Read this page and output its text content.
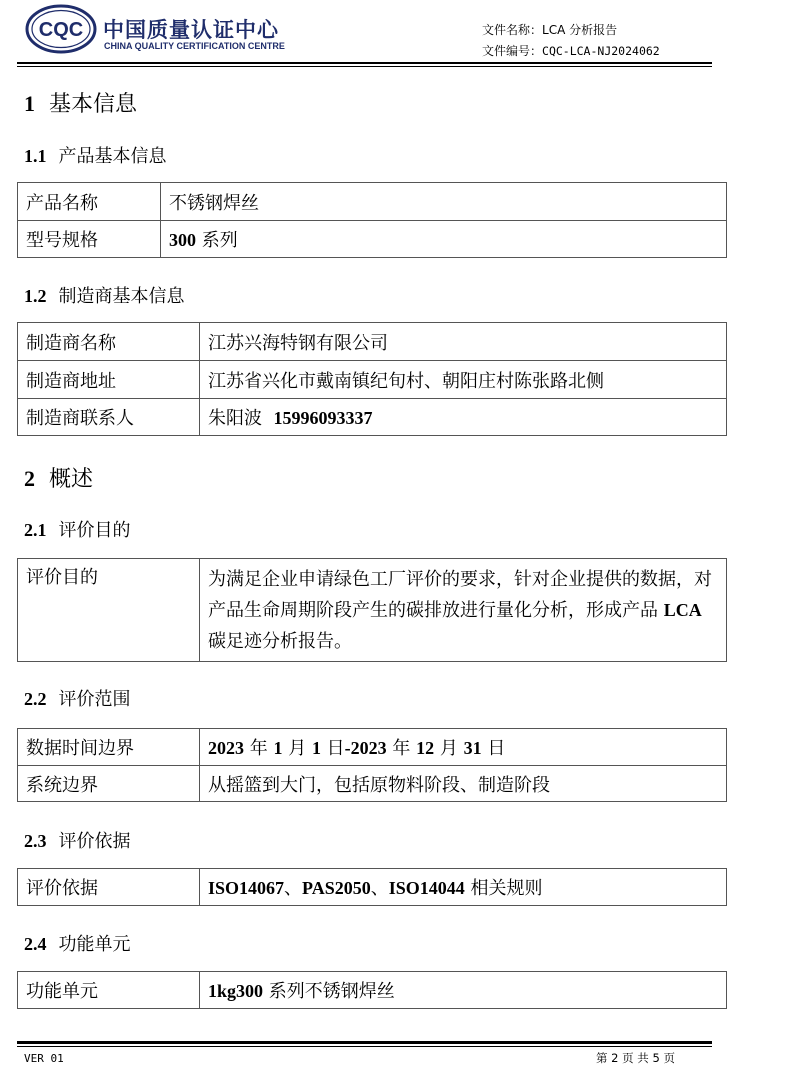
CQC 中国质量认证中心
CHINA QUALITY CERTIFICATION CENTRE
文件名称：LCA 分析报告
文件编号：CQC-LCA-NJ2024062
1 基本信息
1.1 产品基本信息
产品名称	不锈钢焊丝
型号规格	300 系列
1.2 制造商基本信息
制造商名称	江苏兴海特钢有限公司
制造商地址	江苏省兴化市戴南镇纪旬村、朝阳庄村陈张路北侧
制造商联系人	朱阳波 15996093337
2 概述
2.1 评价目的
评价目的	为满足企业申请绿色工厂评价的要求，针对企业提供的数据，对产品生命周期阶段产生的碳排放进行量化分析，形成产品 LCA 碳足迹分析报告。
2.2 评价范围
数据时间边界	2023 年 1 月 1 日-2023 年 12 月 31 日
系统边界	从摇篮到大门，包括原物料阶段、制造阶段
2.3 评价依据
评价依据	ISO14067、PAS2050、ISO14044 相关规则
2.4 功能单元
功能单元	1kg300 系列不锈钢焊丝
VER 01	第 2 页 共 5 页
